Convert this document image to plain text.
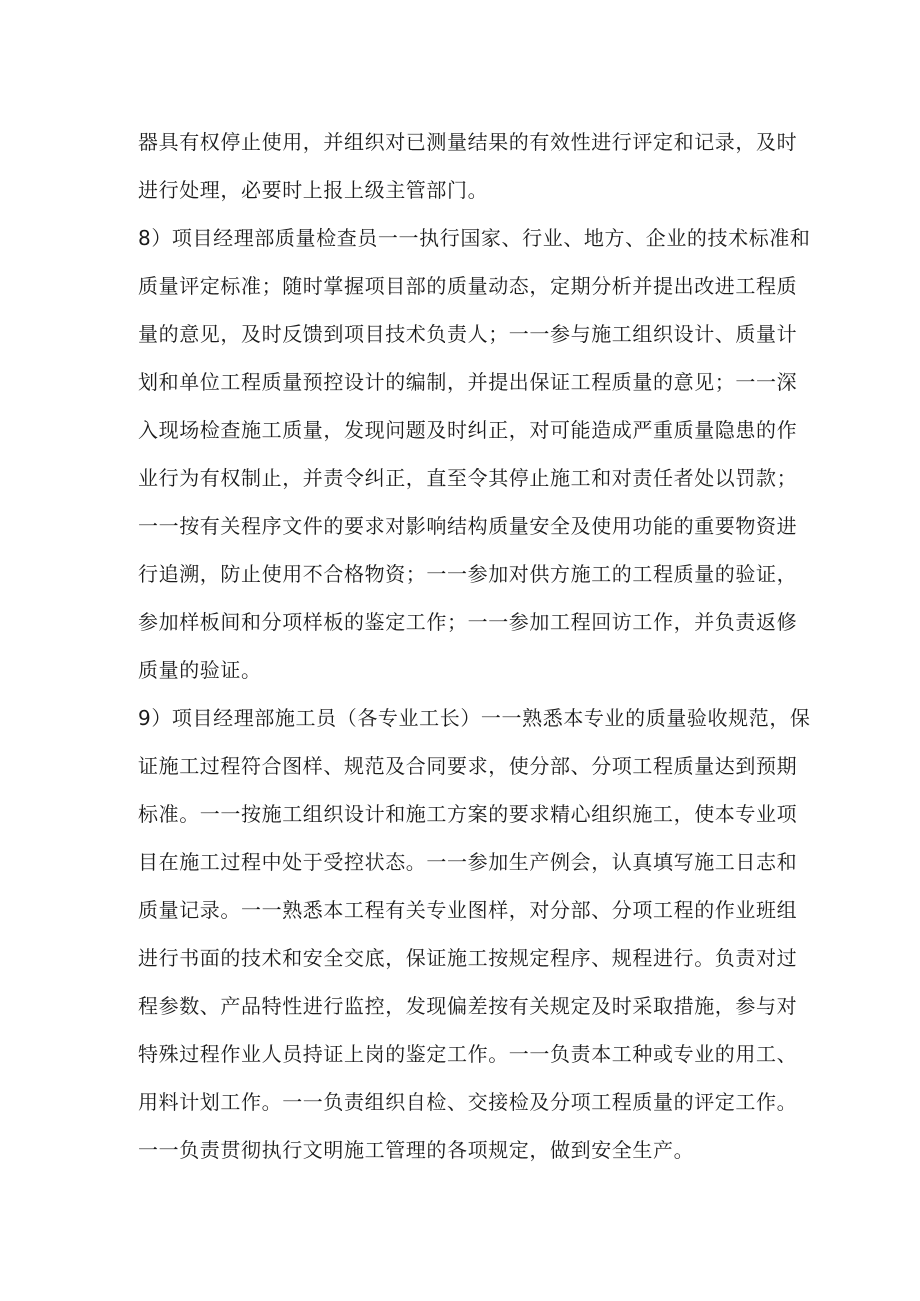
器具有权停止使用，并组织对已测量结果的有效性进行评定和记录，及时
进行处理，必要时上报上级主管部门。
8）项目经理部质量检查员一一执行国家、行业、地方、企业的技术标准和
质量评定标准；随时掌握项目部的质量动态，定期分析并提出改进工程质
量的意见，及时反馈到项目技术负责人；一一参与施工组织设计、质量计
划和单位工程质量预控设计的编制，并提出保证工程质量的意见；一一深
入现场检查施工质量，发现问题及时纠正，对可能造成严重质量隐患的作
业行为有权制止，并责令纠正，直至令其停止施工和对责任者处以罚款；
一一按有关程序文件的要求对影响结构质量安全及使用功能的重要物资进
行追溯，防止使用不合格物资；一一参加对供方施工的工程质量的验证，
参加样板间和分项样板的鉴定工作；一一参加工程回访工作，并负责返修
质量的验证。
9）项目经理部施工员（各专业工长）一一熟悉本专业的质量验收规范，保
证施工过程符合图样、规范及合同要求，使分部、分项工程质量达到预期
标准。一一按施工组织设计和施工方案的要求精心组织施工，使本专业项
目在施工过程中处于受控状态。一一参加生产例会，认真填写施工日志和
质量记录。一一熟悉本工程有关专业图样，对分部、分项工程的作业班组
进行书面的技术和安全交底，保证施工按规定程序、规程进行。负责对过
程参数、产品特性进行监控，发现偏差按有关规定及时采取措施，参与对
特殊过程作业人员持证上岗的鉴定工作。一一负责本工种或专业的用工、
用料计划工作。一一负责组织自检、交接检及分项工程质量的评定工作。
一一负责贯彻执行文明施工管理的各项规定，做到安全生产。
